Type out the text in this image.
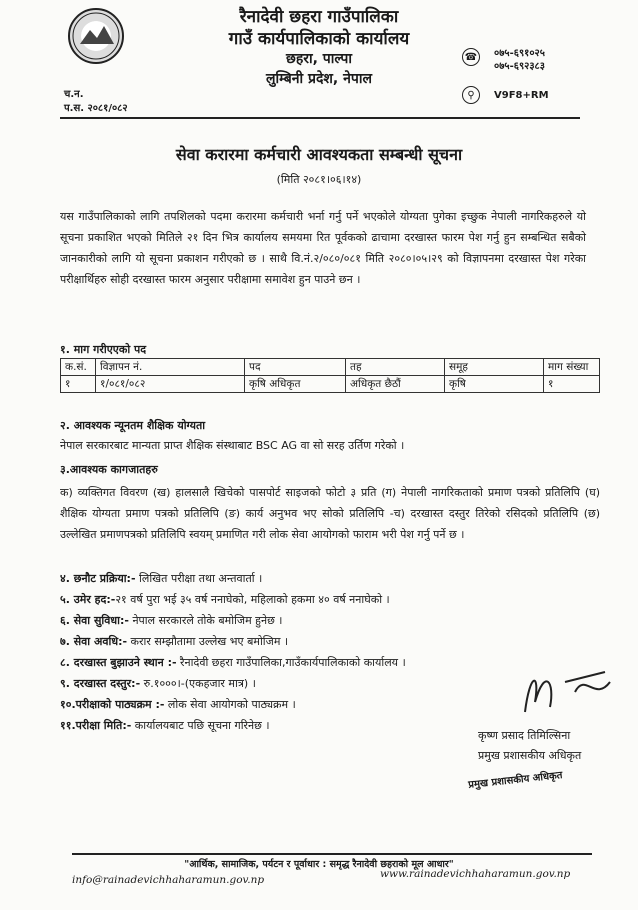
रैनादेवी छहरा गाउँपालिका
गाउँ कार्यपालिकाको कार्यालय
छहरा, पाल्पा
लुम्बिनी प्रदेश, नेपाल
च.न.
प.स. २०८१/०८२
☎ ०७५-६९१०२५
०७५-६९२३८३
⚲	V9F8+RM
सेवा करारमा कर्मचारी आवश्यकता सम्बन्धी सूचना
(मिति २०८१।०६।१४)
यस गाउँपालिकाको लागि तपशिलको पदमा करारमा कर्मचारी भर्ना गर्नु पर्ने भएकोले योग्यता पुगेका इच्छुक नेपाली नागरिकहरुले यो सूचना प्रकाशित भएको मितिले २१ दिन भित्र कार्यालय समयमा रित पूर्वकको ढाचामा दरखास्त फारम पेश गर्नु हुन सम्बन्धित सबैको जानकारीको लागि यो सूचना प्रकाशन गरीएको छ । साथै वि.नं.२/०८०/०८१ मिति २०८०।०५।२९ को विज्ञापनमा दरखास्त पेश गरेका परीक्षार्थिहरु सोही दरखास्त फारम अनुसार परीक्षामा समावेश हुन पाउने छन ।
१. माग गरीएएको पद
क.सं.	विज्ञापन नं.	पद	तह	समूह	माग संख्या
१	१/०८१/०८२	कृषि अधिकृत	अधिकृत छैठौं	कृषि	१
२. आवश्यक न्यूनतम शैक्षिक योग्यता
नेपाल सरकारबाट मान्यता प्राप्त शैक्षिक संस्थाबाट BSC AG वा सो सरह उर्तिण गरेको ।
३.आवश्यक कागजातहरु
क) व्यक्तिगत विवरण (ख) हालसालै खिचेको पासपोर्ट साइजको फोटो ३ प्रति (ग) नेपाली नागरिकताको प्रमाण पत्रको प्रतिलिपि (घ) शैक्षिक योग्यता प्रमाण पत्रको प्रतिलिपि (ङ) कार्य अनुभव भए सोको प्रतिलिपि -च) दरखास्त दस्तुर तिरेको रसिदको प्रतिलिपि (छ) उल्लेखित प्रमाणपत्रको प्रतिलिपि स्वयम् प्रमाणित गरी लोक सेवा आयोगको फाराम भरी पेश गर्नु पर्ने छ ।
४. छनौट प्रक्रिया:- लिखित परीक्षा तथा अन्तवार्ता ।
५. उमेर हद:-२१ वर्ष पुरा भई ३५ वर्ष ननाघेको, महिलाको हकमा ४० वर्ष ननाघेको ।
६. सेवा सुविधा:- नेपाल सरकारले तोके बमोजिम हुनेछ ।
७. सेवा अवधि:- करार सम्झौतामा उल्लेख भए बमोजिम ।
८. दरखास्त बुझाउने स्थान :- रैनादेवी छहरा गाउँपालिका,गाउँकार्यपालिकाको कार्यालय ।
९. दरखास्त दस्तुर:- रु.१०००।-(एकहजार मात्र) ।
१०.परीक्षाको पाठ्यक्रम :- लोक सेवा आयोगको पाठ्यक्रम ।
११.परीक्षा मिति:- कार्यालयबाट पछि सूचना गरिनेछ ।
कृष्ण प्रसाद तिमिल्सिना
प्रमुख प्रशासकीय अधिकृत
प्रमुख प्रशासकीय अधिकृत
"आर्थिक, सामाजिक, पर्यटन र पूर्वाधार : समृद्ध रैनादेवी छहराको मूल आधार"
info@rainadevichhaharamun.gov.np	www.rainadevichhaharamun.gov.np
